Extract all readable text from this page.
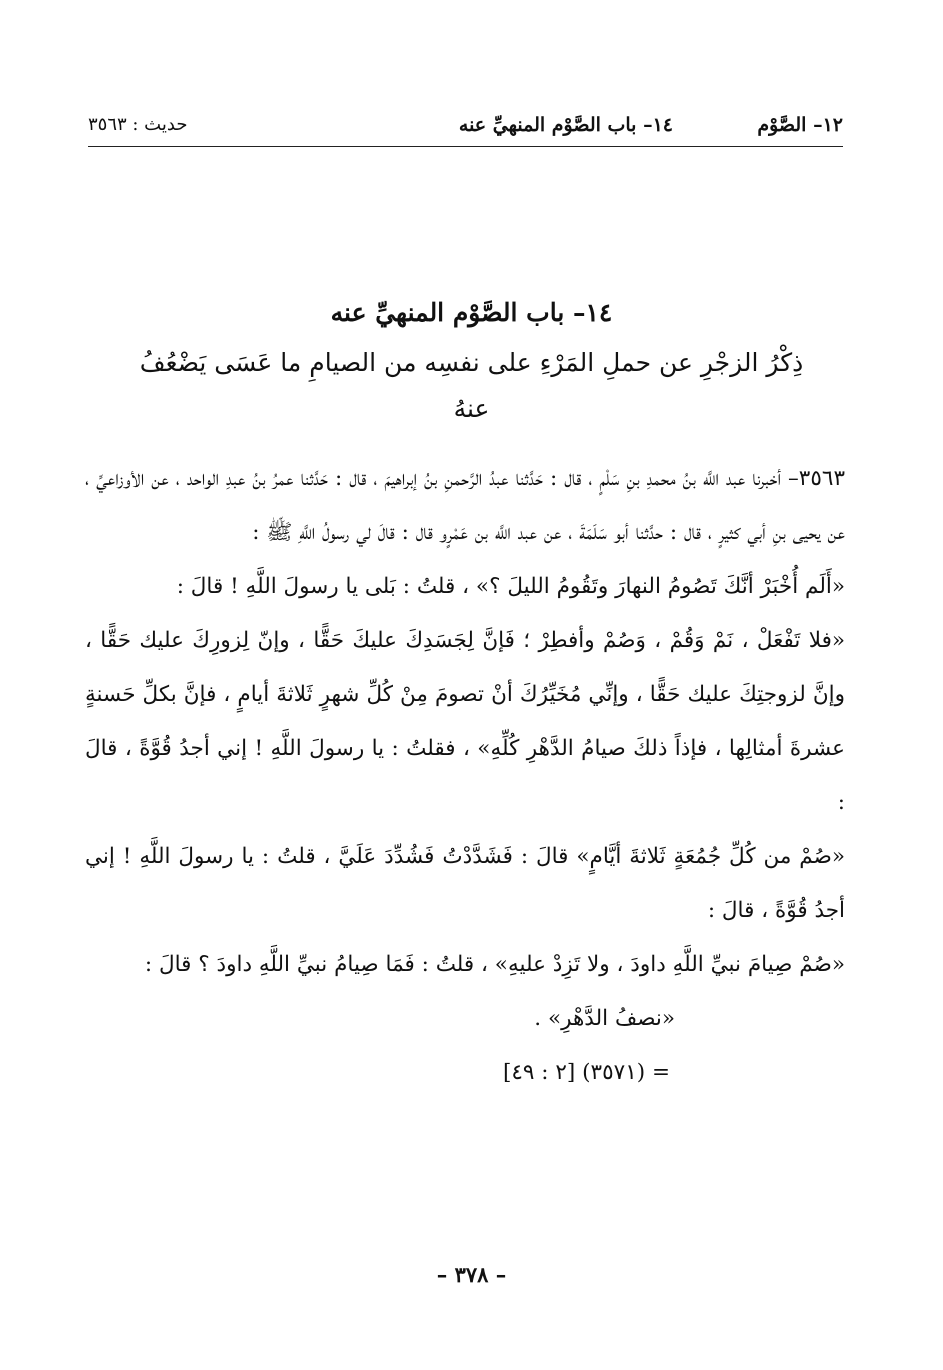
١٢– الصَّوْم
١٤– باب الصَّوْم المنهيِّ عنه
حديث : ٣٥٦٣
١٤– باب الصَّوْم المنهيِّ عنه
ذِكْرُ الزجْرِ عن حملِ المَرْءِ على نفسِه من الصيامِ ما عَسَى يَضْعُفُ عنهُ

٣٥٦٣– أخبرنا عبد اللَّه بنُ محمدِ بنِ سَلْمٍ ، قال : حَدَّثنا عبدُ الرَّحمنِ بنُ إبراهيمَ ، قال : حَدَّثنا عمرُ بنُ عبدِ الواحد ، عن الأوزاعيِّ ، عن يحيى بنِ أبي كثيرٍ ، قال : حدَّثنا أبو سَلَمَةَ ، عن عبد اللَّه بن عَمْرٍو قال : قالَ لي رسولُ اللَّهِ ﷺ :

«أَلَم أُخْبَرْ أنَّكَ تَصُومُ النهارَ وتَقُومُ الليلَ ؟» ، قلتُ : بَلى يا رسولَ اللَّهِ ! قالَ :

«فلا تَفْعَلْ ، نَمْ وَقُمْ ، وَصُمْ وأفطِرْ ؛ فَإنَّ لِجَسَدِكَ عليكَ حَقًّا ، وإنّ لِزورِكَ عليك حَقًّا ، وإنَّ لزوجتِكَ عليك حَقًّا ، وإنِّي مُخَيِّرُكَ أنْ تصومَ مِنْ كُلِّ شهرٍ ثَلاثةَ أيامٍ ، فإنَّ بكلِّ حَسنةٍ عشرةَ أمثالِها ، فإذاً ذلكَ صيامُ الدَّهْرِ كُلِّهِ» ، فقلتُ : يا رسولَ اللَّهِ ! إني أجدُ قُوَّةً ، قالَ :

«صُمْ من كُلِّ جُمُعَةٍ ثَلاثةَ أيَّامٍ» قالَ : فَشَدَّدْتُ فَشُدِّدَ عَلَيَّ ، قلتُ : يا رسولَ اللَّهِ ! إني أجدُ قُوَّةً ، قالَ :

«صُمْ صِيامَ نبيِّ اللَّهِ داودَ ، ولا تَزِدْ عليهِ» ، قلتُ : فَمَا صِيامُ نبيِّ اللَّهِ داودَ ؟ قالَ :

«نصفُ الدَّهْرِ» .

= (٣٥٧١) [٢ : ٤٩]

– ٣٧٨ –
